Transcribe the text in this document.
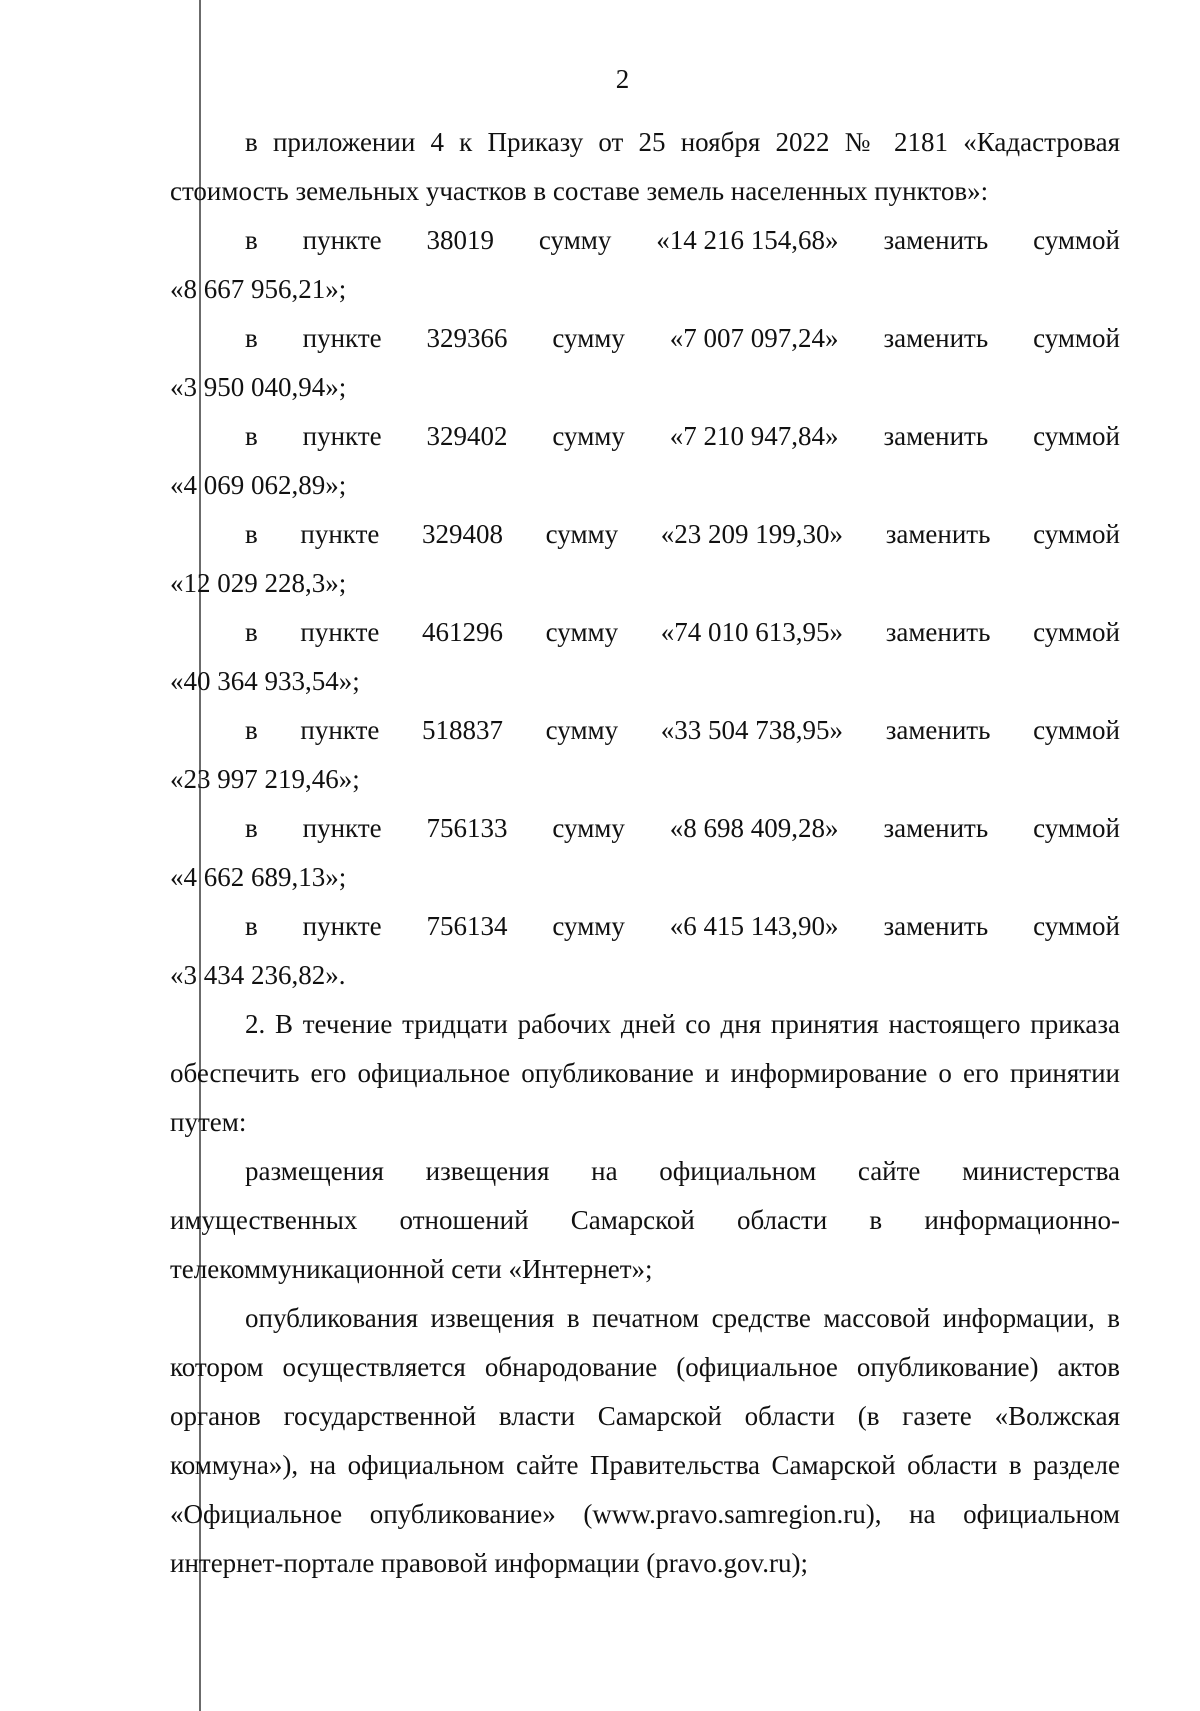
2

в приложении 4 к Приказу от 25 ноября 2022 № 2181 «Кадастровая стоимость земельных участков в составе земель населенных пунктов»:

в пункте 38019 сумму «14 216 154,68» заменить суммой
«8 667 956,21»;
в пункте 329366 сумму «7 007 097,24» заменить суммой
«3 950 040,94»;
в пункте 329402 сумму «7 210 947,84» заменить суммой
«4 069 062,89»;
в пункте 329408 сумму «23 209 199,30» заменить суммой
«12 029 228,3»;
в пункте 461296 сумму «74 010 613,95» заменить суммой
«40 364 933,54»;
в пункте 518837 сумму «33 504 738,95» заменить суммой
«23 997 219,46»;
в пункте 756133 сумму «8 698 409,28» заменить суммой
«4 662 689,13»;
в пункте 756134 сумму «6 415 143,90» заменить суммой
«3 434 236,82».

2. В течение тридцати рабочих дней со дня принятия настоящего приказа обеспечить его официальное опубликование и информирование о его принятии путем:

размещения извещения на официальном сайте министерства имущественных отношений Самарской области в информационно-телекоммуникационной сети «Интернет»;

опубликования извещения в печатном средстве массовой информации, в котором осуществляется обнародование (официальное опубликование) актов органов государственной власти Самарской области (в газете «Волжская коммуна»), на официальном сайте Правительства Самарской области в разделе «Официальное опубликование» (www.pravo.samregion.ru), на официальном интернет-портале правовой информации (pravo.gov.ru);
